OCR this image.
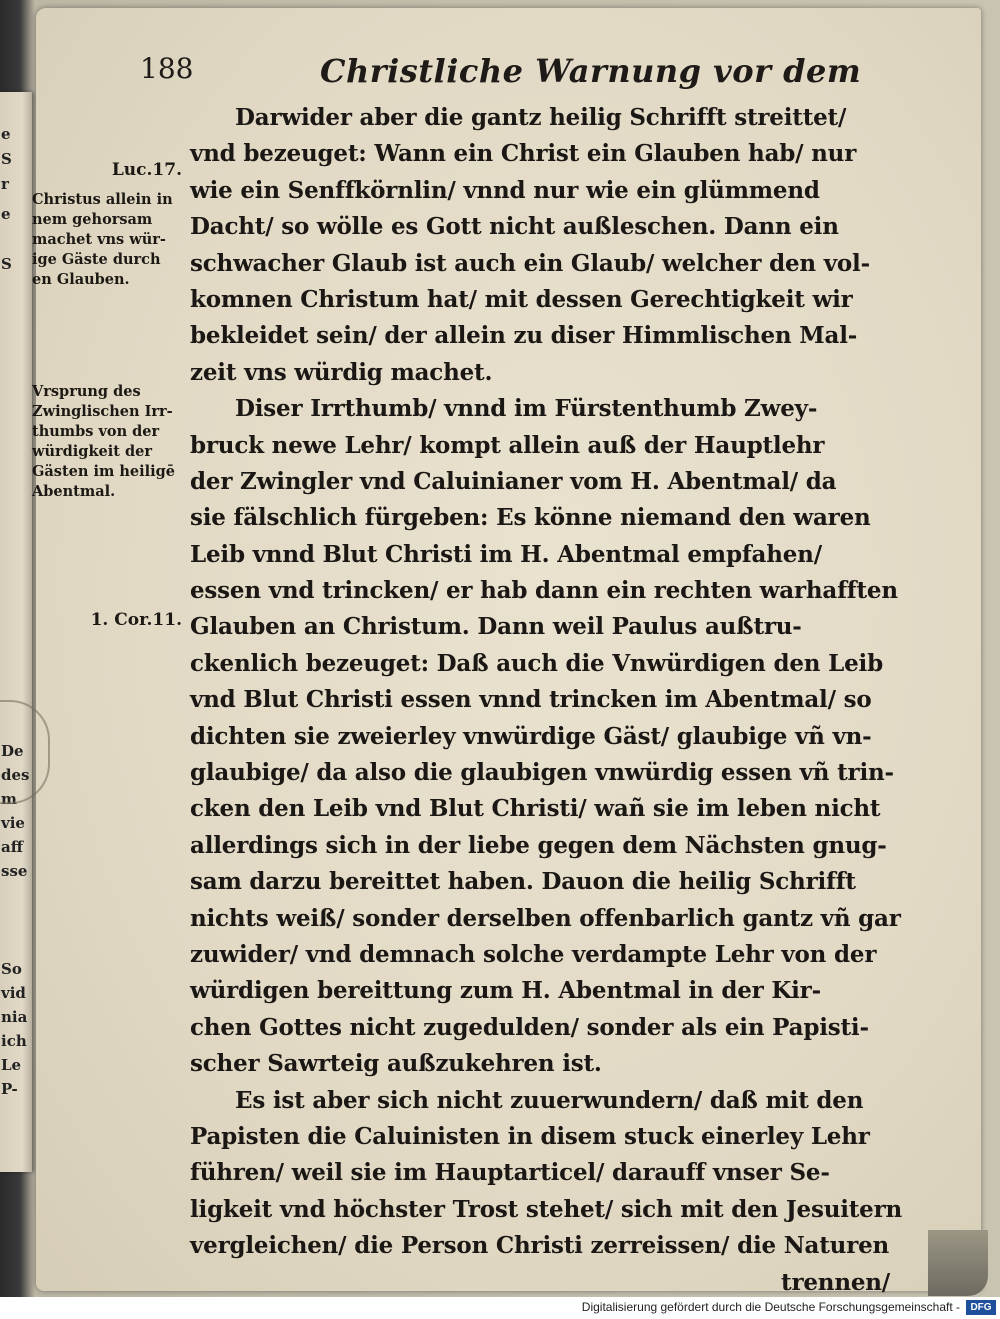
e
S
r
e
S
De
des
m
vie
aff
sse
So
vid
nia
ich
Le
P-
188	Christliche Warnung vor dem
Luc.17.
Christus allein in
nem gehorsam
machet vns wür-
ige Gäste durch
en Glauben.
Vrsprung des
Zwinglischen Irr-
thumbs von der
würdigkeit der
Gästen im heiligē
Abentmal.
1. Cor.11.
Darwider aber die gantz heilig Schrifft streittet/
vnd bezeuget: Wann ein Christ ein Glauben hab/ nur
wie ein Senffkörnlin/ vnnd nur wie ein glümmend
Dacht/ so wölle es Gott nicht außleschen. Dann ein
schwacher Glaub ist auch ein Glaub/ welcher den vol-
komnen Christum hat/ mit dessen Gerechtigkeit wir
bekleidet sein/ der allein zu diser Himmlischen Mal-
zeit vns würdig machet.
Diser Irrthumb/ vnnd im Fürstenthumb Zwey-
bruck newe Lehr/ kompt allein auß der Hauptlehr
der Zwingler vnd Caluinianer vom H. Abentmal/ da
sie fälschlich fürgeben: Es könne niemand den waren
Leib vnnd Blut Christi im H. Abentmal empfahen/
essen vnd trincken/ er hab dann ein rechten warhafften
Glauben an Christum. Dann weil Paulus außtru-
ckenlich bezeuget: Daß auch die Vnwürdigen den Leib
vnd Blut Christi essen vnnd trincken im Abentmal/ so
dichten sie zweierley vnwürdige Gäst/ glaubige vñ vn-
glaubige/ da also die glaubigen vnwürdig essen vñ trin-
cken den Leib vnd Blut Christi/ wañ sie im leben nicht
allerdings sich in der liebe gegen dem Nächsten gnug-
sam darzu bereittet haben. Dauon die heilig Schrifft
nichts weiß/ sonder derselben offenbarlich gantz vñ gar
zuwider/ vnd demnach solche verdampte Lehr von der
würdigen bereittung zum H. Abentmal in der Kir-
chen Gottes nicht zugedulden/ sonder als ein Papisti-
scher Sawrteig außzukehren ist.
Es ist aber sich nicht zuuerwundern/ daß mit den
Papisten die Caluinisten in disem stuck einerley Lehr
führen/ weil sie im Hauptarticel/ darauff vnser Se-
ligkeit vnd höchster Trost stehet/ sich mit den Jesuitern
vergleichen/ die Person Christi zerreissen/ die Naturen
trennen/
Digitalisierung gefördert durch die Deutsche Forschungsgemeinschaft -	DFG
